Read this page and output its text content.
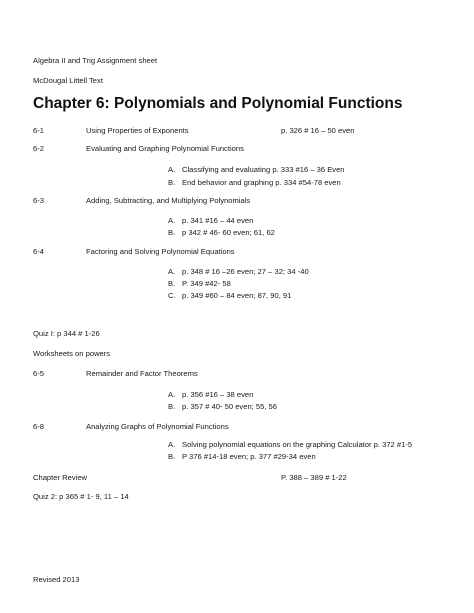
Algebra II and Trig Assignment sheet
McDougal Littell Text
Chapter 6: Polynomials and Polynomial Functions
6-1	Using Properties of Exponents	p. 326 # 16 – 50 even
6-2	Evaluating and Graphing Polynomial Functions
A. Classifying and evaluating p. 333 #16 – 36 Even
B. End behavior and graphing p. 334 #54-78 even
6-3	Adding, Subtracting, and Multiplying Polynomials
A. p. 341 #16 – 44 even
B. p 342 # 46- 60 even; 61, 62
6-4	Factoring and Solving Polynomial Equations
A. p. 348 # 16 –26 even; 27 – 32; 34 -40
B. P. 349 #42- 58
C. p. 349 #60 – 84 even; 87, 90, 91
Quiz I: p 344 # 1-26
Worksheets on powers
6-5	Remainder and Factor Theorems
A. p. 356 #16 – 38 even
B. p. 357 # 40- 50 even; 55, 56
6-8	Analyzing Graphs of Polynomial Functions
A. Solving polynomial equations on the graphing Calculator p. 372 #1-5
B. P 376 #14-18 even; p. 377 #29-34 even
Chapter Review	P. 388 – 389 # 1-22
Quiz 2: p 365 # 1- 9, 11 – 14
Revised 2013
